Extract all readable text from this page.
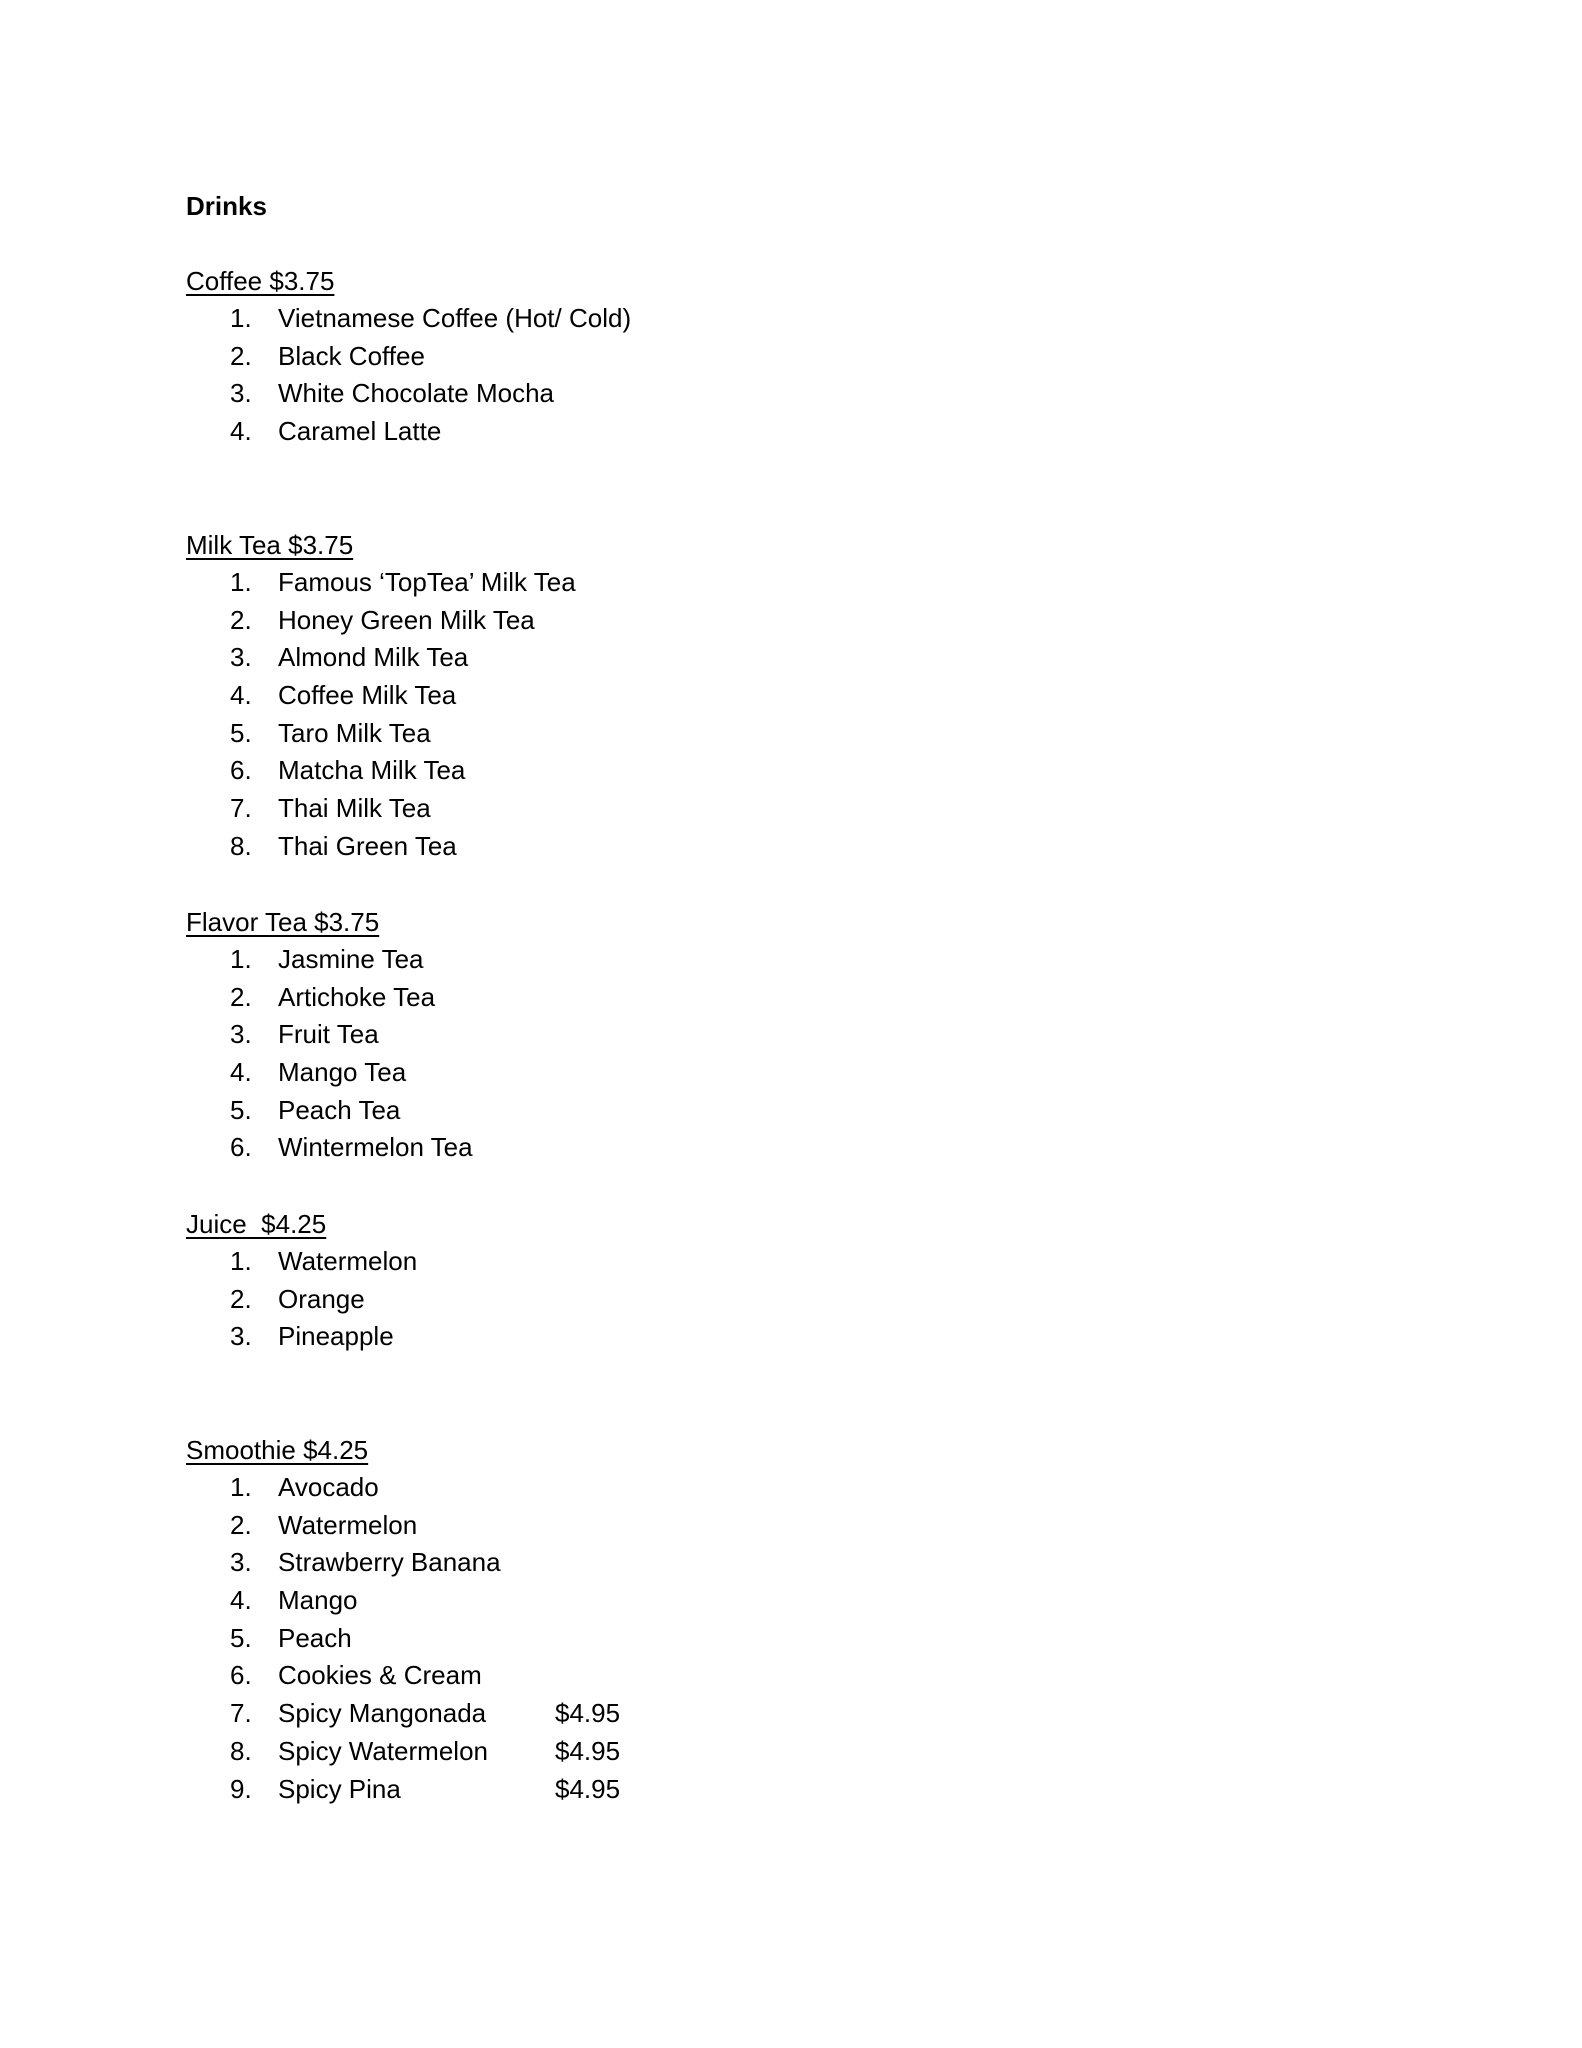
Drinks
Coffee $3.75
1.	Vietnamese Coffee (Hot/ Cold)
2.	Black Coffee
3.	White Chocolate Mocha
4.	Caramel Latte
Milk Tea $3.75
1.	Famous ‘TopTea’ Milk Tea
2.	Honey Green Milk Tea
3.	Almond Milk Tea
4.	Coffee Milk Tea
5.	Taro Milk Tea
6.	Matcha Milk Tea
7.	Thai Milk Tea
8.	Thai Green Tea
Flavor Tea $3.75
1.	Jasmine Tea
2.	Artichoke Tea
3.	Fruit Tea
4.	Mango Tea
5.	Peach Tea
6.	Wintermelon Tea
Juice  $4.25
1.	Watermelon
2.	Orange
3.	Pineapple
Smoothie $4.25
1.	Avocado
2.	Watermelon
3.	Strawberry Banana
4.	Mango
5.	Peach
6.	Cookies & Cream
7.	Spicy Mangonada	$4.95
8.	Spicy Watermelon	$4.95
9.	Spicy Pina	$4.95
